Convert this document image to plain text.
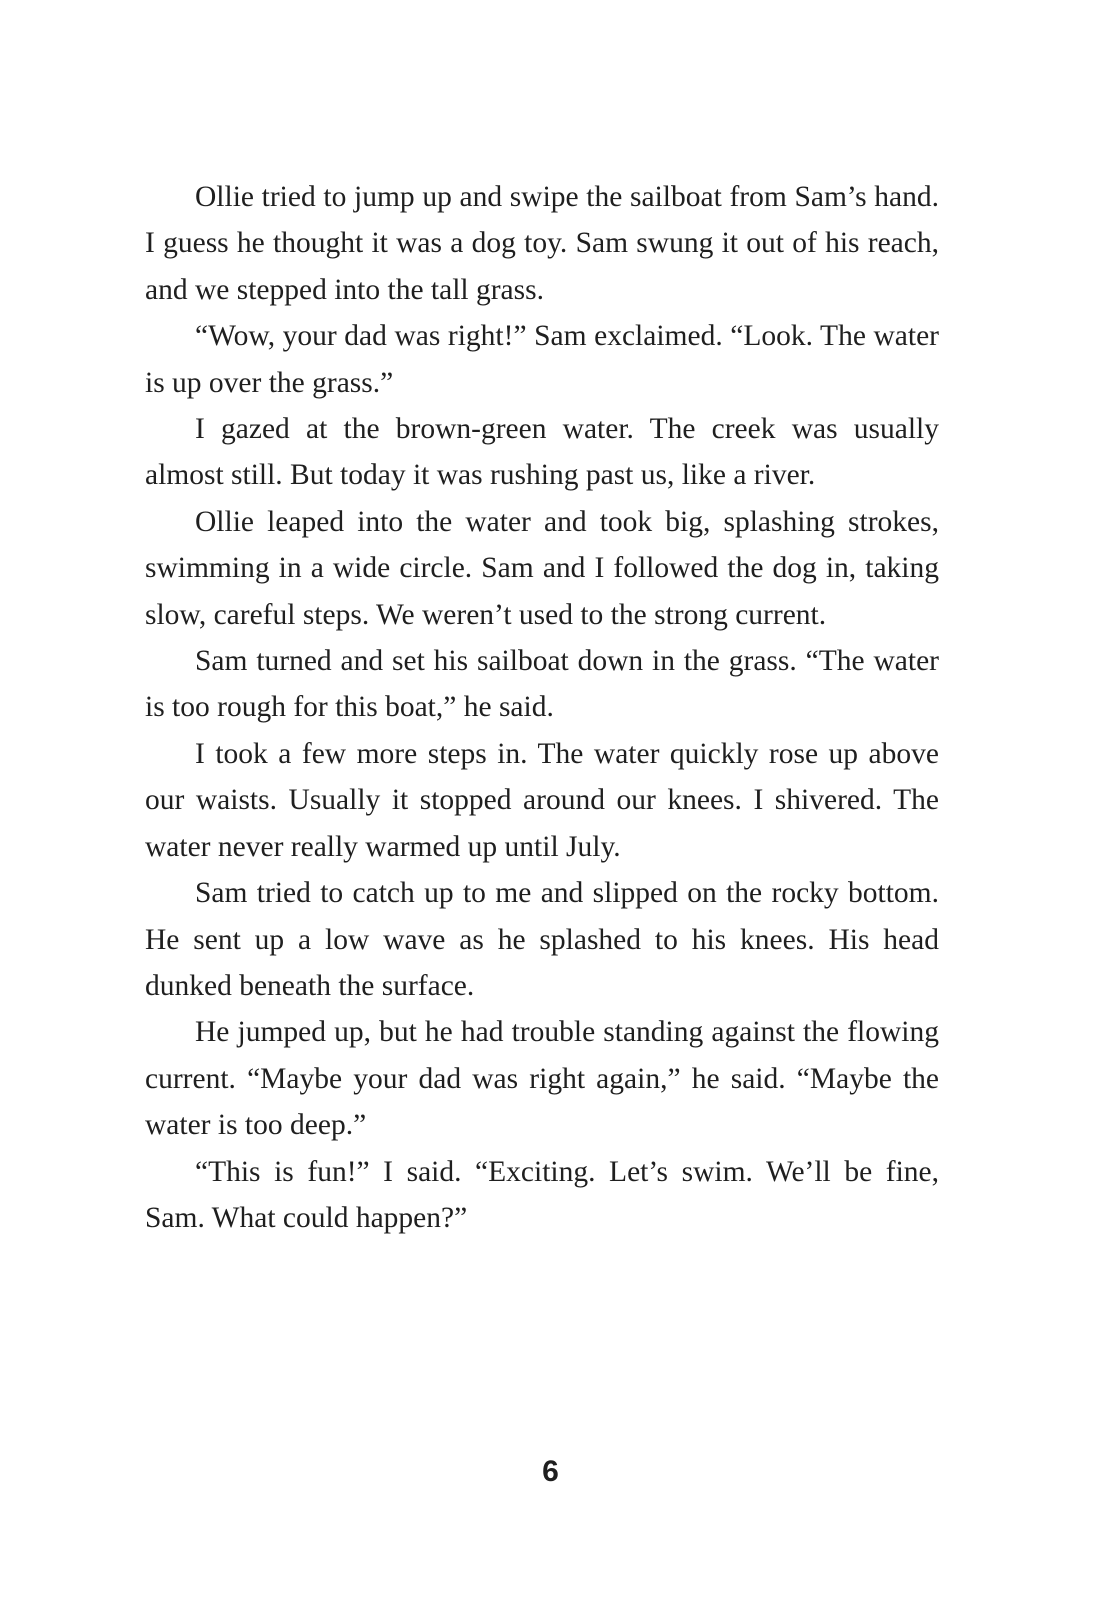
Ollie tried to jump up and swipe the sailboat from Sam’s hand. I guess he thought it was a dog toy. Sam swung it out of his reach, and we stepped into the tall grass.

“Wow, your dad was right!” Sam exclaimed. “Look. The water is up over the grass.”

I gazed at the brown-green water. The creek was usually almost still. But today it was rushing past us, like a river.

Ollie leaped into the water and took big, splashing strokes, swimming in a wide circle. Sam and I followed the dog in, taking slow, careful steps. We weren’t used to the strong current.

Sam turned and set his sailboat down in the grass. “The water is too rough for this boat,” he said.

I took a few more steps in. The water quickly rose up above our waists. Usually it stopped around our knees. I shivered. The water never really warmed up until July.

Sam tried to catch up to me and slipped on the rocky bottom. He sent up a low wave as he splashed to his knees. His head dunked beneath the surface.

He jumped up, but he had trouble standing against the flowing current. “Maybe your dad was right again,” he said. “Maybe the water is too deep.”

“This is fun!” I said. “Exciting. Let’s swim. We’ll be fine, Sam. What could happen?”

6
